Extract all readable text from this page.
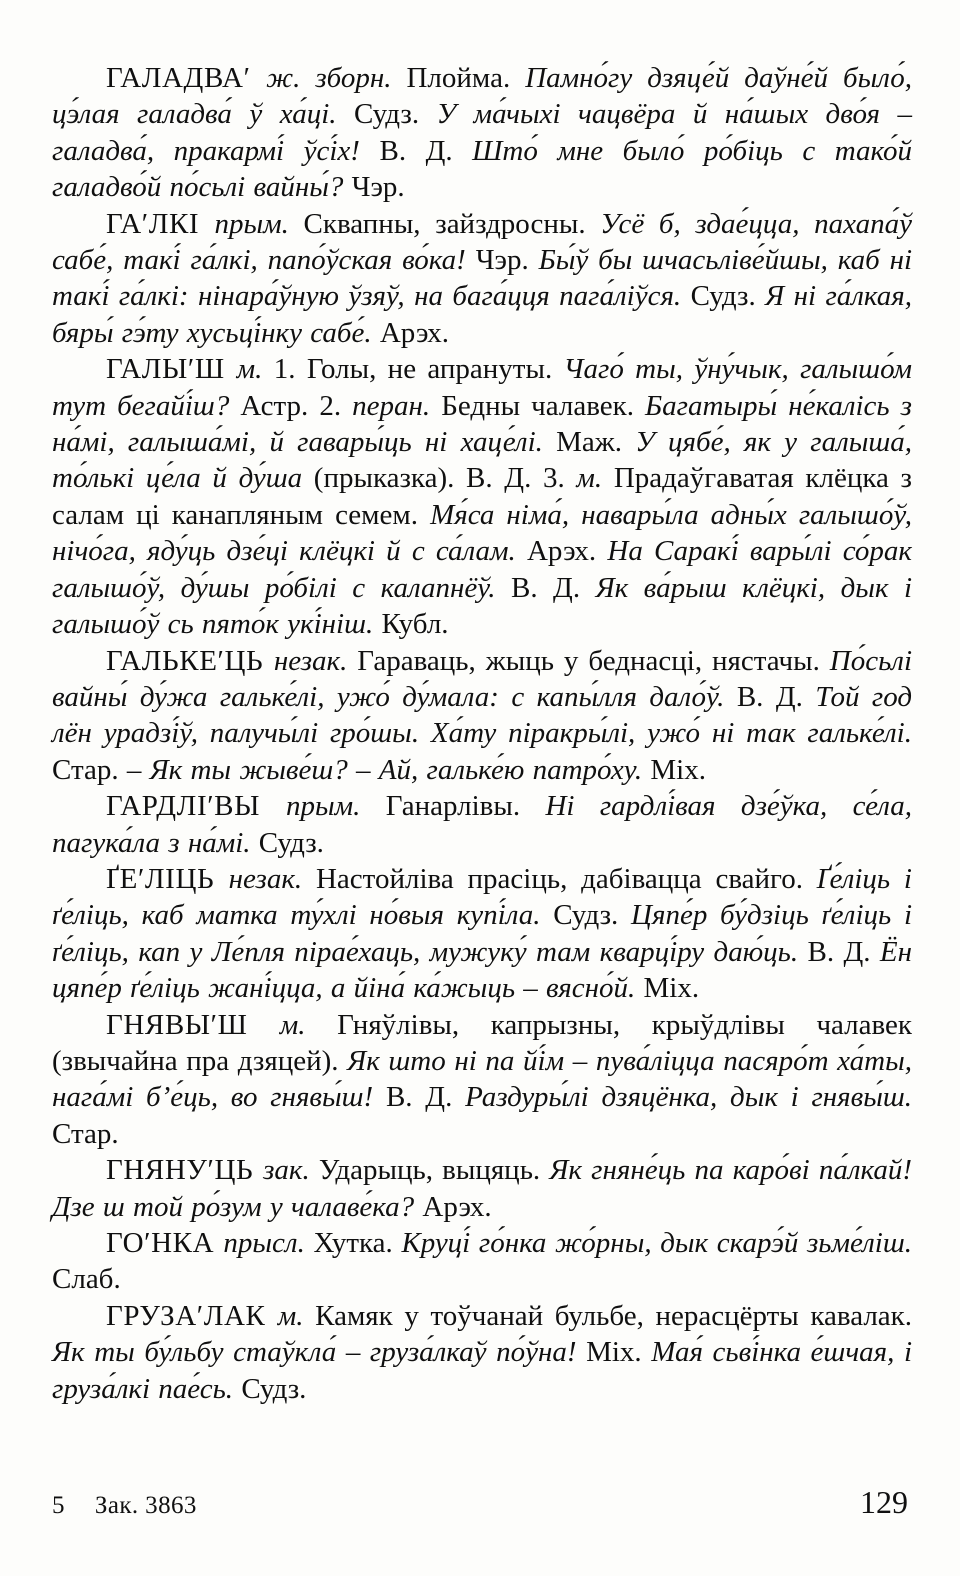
ГАЛАДВА′ ж. зборн. Плойма. Памно́гу дзяце́й даўне́й было́, цэ́лая галадва́ ў ха́ці. Судз. У ма́чыхі чацвёра й на́шых дво́я – галадва́, пракармі́ ўсі́х! В. Д. Што́ мне было́ ро́біць с тако́й галадво́й по́сьлі вайны́? Чэр.

ГА′ЛКІ прым. Сквапны, зайздросны. Усё б, здае́цца, пахапа́ў сабе́, такі́ га́лкі, папо́ўская во́ка! Чэр. Бы́ў бы шчасьліве́йшы, каб ні такі́ га́лкі: нінара́ўную ўзяў, на бага́цця пага́ліўся. Судз. Я ні га́лкая, бяры́ гэ́ту хусьці́нку сабе́. Арэх.

ГАЛЫ′Ш м. 1. Голы, не апрануты. Чаго́ ты, ўну́чык, галышо́м тут бегайі́ш? Астр. 2. перан. Бедны чалавек. Багатыры́ не́калісь з на́мі, галыша́мі, й гавары́ць ні хаце́лі. Маж. У цябе́, як у галыша́, то́лькі це́ла й ду́ша (прыказка). В. Д. 3. м. Прадаўгаватая клёцка з салам ці канапляным семем. Мя́са німа́, навары́ла адны́х галышо́ў, нічо́га, яду́ць дзе́ці клёцкі й с са́лам. Арэх. На Саракі́ вары́лі со́рак галышо́ў, ду́шы ро́білі с калапнёў. В. Д. Як ва́рыш клёцкі, дык і галышо́ў сь пято́к укі́ніш. Кубл.

ГАЛЬКЕ′ЦЬ незак. Гараваць, жыць у беднасці, нястачы. По́сьлі вайны́ ду́жа гальке́лі, ужо́ ду́мала: с капы́лля дало́ў. В. Д. Той год лён урадзі́ў, палучы́лі гро́шы. Ха́ту піракры́лі, ужо́ ні так гальке́лі. Стар. – Як ты жыве́ш? – Ай, гальке́ю патро́ху. Міх.

ГАРДЛІ′ВЫ прым. Ганарлівы. Ні гардлі́вая дзе́ўка, се́ла, пагука́ла з на́мі. Судз.

ҐЕ′ЛІЦЬ незак. Настойліва прасіць, дабівацца свайго. Ґе́ліць і ґе́ліць, каб матка ту́хлі но́выя купі́ла. Судз. Цяпе́р бу́дзіць ґе́ліць і ґе́ліць, кап у Ле́пля пірае́хаць, мужуку́ там кварці́ру даю́ць. В. Д. Ён цяпе́р ґе́ліць жані́цца, а йіна́ ка́жыць – вясно́й. Міх.

ГНЯВЫ′Ш м. Гняўлівы, капрызны, крыўдлівы чалавек (звычайна пра дзяцей). Як што ні па йі́м – пува́ліцца пасяро́т ха́ты, нага́мі б’е́ць, во гнявы́ш! В. Д. Раздуры́лі дзяцёнка, дык і гнявы́ш. Стар.

ГНЯНУ′ЦЬ зак. Ударыць, выцяць. Як гняне́ць па каро́ві па́лкай! Дзе ш той ро́зум у чалаве́ка? Арэх.

ГО′НКА прысл. Хутка. Круці́ го́нка жо́рны, дык скарэ́й зьме́ліш. Слаб.

ГРУЗА′ЛАК м. Камяк у тоўчанай бульбе, нерасцёрты кавалак. Як ты бу́льбу стаўкла́ – груза́лкаў по́ўна! Міх. Мая́ сьві́нка е́шчая, і груза́лкі пае́сь. Судз.

5 Зак. 3863	129
